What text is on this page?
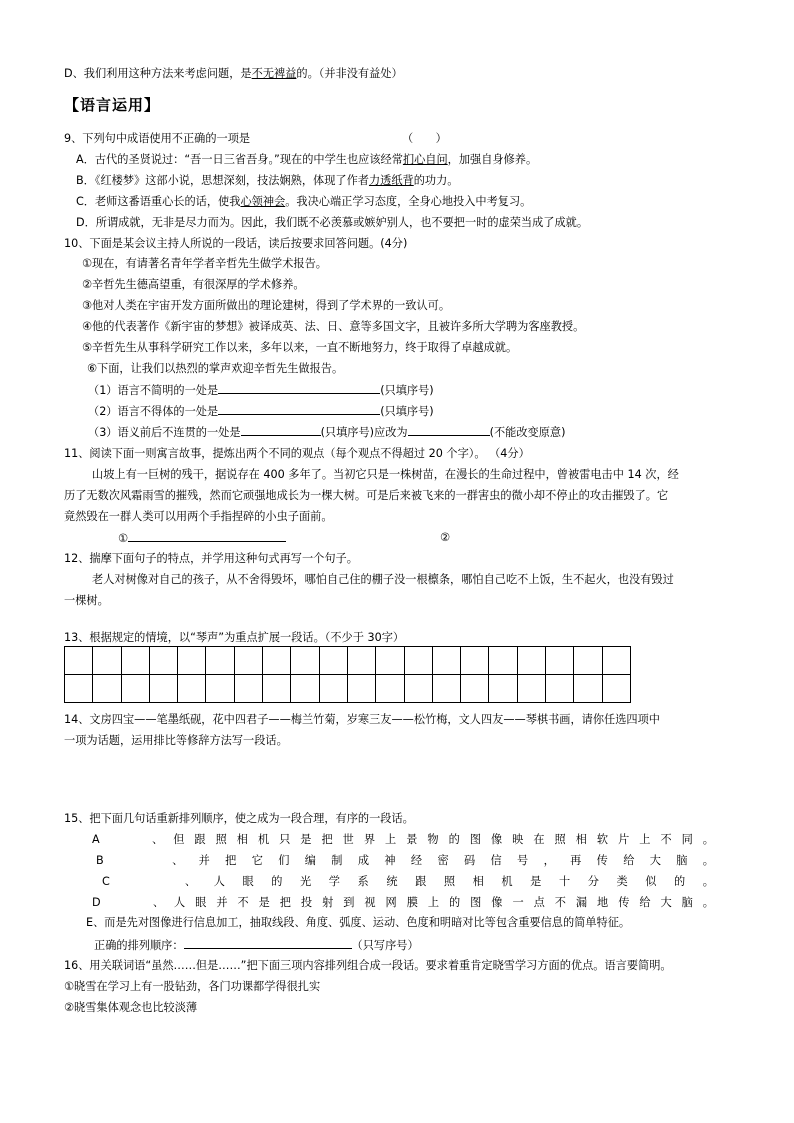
D、我们利用这种方法来考虑问题，是不无裨益的。（并非没有益处）
【语言运用】
9、下列句中成语使用不正确的一项是	（　　）
A．古代的圣贤说过：“吾一日三省吾身。”现在的中学生也应该经常扪心自问，加强自身修养。
B．《红楼梦》这部小说，思想深刻，技法娴熟，体现了作者力透纸背的功力。
C．老师这番语重心长的话，使我心领神会。我决心端正学习态度，全身心地投入中考复习。
D．所谓成就，无非是尽力而为。因此，我们既不必羡慕或嫉妒别人，也不要把一时的虚荣当成了成就。
10、下面是某会议主持人所说的一段话，读后按要求回答问题。(4分)
①现在，有请著名青年学者辛哲先生做学术报告。
②辛哲先生德高望重，有很深厚的学术修养。
③他对人类在宇宙开发方面所做出的理论建树，得到了学术界的一致认可。
④他的代表著作《新宇宙的梦想》被译成英、法、日、意等多国文字，且被许多所大学聘为客座教授。
⑤辛哲先生从事科学研究工作以来，多年以来，一直不断地努力，终于取得了卓越成就。
⑥下面，让我们以热烈的掌声欢迎辛哲先生做报告。
（1）语言不简明的一处是	(只填序号)
（2）语言不得体的一处是	(只填序号)
（3）语义前后不连贯的一处是	(只填序号)应改为	(不能改变原意)
11、阅读下面一则寓言故事，提炼出两个不同的观点（每个观点不得超过 20 个字）。 （4分）
山坡上有一巨树的残干，据说存在 400 多年了。当初它只是一株树苗，在漫长的生命过程中，曾被雷电击中 14 次，经
历了无数次风霜雨雪的摧残，然而它顽强地成长为一棵大树。可是后来被飞来的一群害虫的微小却不停止的攻击摧毁了。它
竟然毁在一群人类可以用两个手指捏碎的小虫子面前。
①	②
12、揣摩下面句子的特点，并学用这种句式再写一个句子。
老人对树像对自己的孩子，从不舍得毁坏，哪怕自己住的棚子没一根檩条，哪怕自己吃不上饭，生不起火，也没有毁过
一棵树。
13、根据规定的情境，以“琴声”为重点扩展一段话。（不少于 30字）

14、文房四宝——笔墨纸砚，花中四君子——梅兰竹菊，岁寒三友——松竹梅，文人四友——琴棋书画，请你任选四项中
一项为话题，运用排比等修辞方法写一段话。
15、把下面几句话重新排列顺序，使之成为一段合理，有序的一段话。
A　　、但跟照相机只是把世界上景物的图像映在照相软片上不同。
B　　、并把它们编制成神经密码信号，再传给大脑。
C　　、人眼的光学系统跟照相机是十分类似的。
D　　、人眼并不是把投射到视网膜上的图像一点不漏地传给大脑。
E、而是先对图像进行信息加工，抽取线段、角度、弧度、运动、色度和明暗对比等包含重要信息的简单特征。
正确的排列顺序：	（只写序号）
16、用关联词语“虽然……但是……”把下面三项内容排列组合成一段话。要求着重肯定晓雪学习方面的优点。语言要简明。
①晓雪在学习上有一股钻劲，各门功课都学得很扎实
②晓雪集体观念也比较淡薄
